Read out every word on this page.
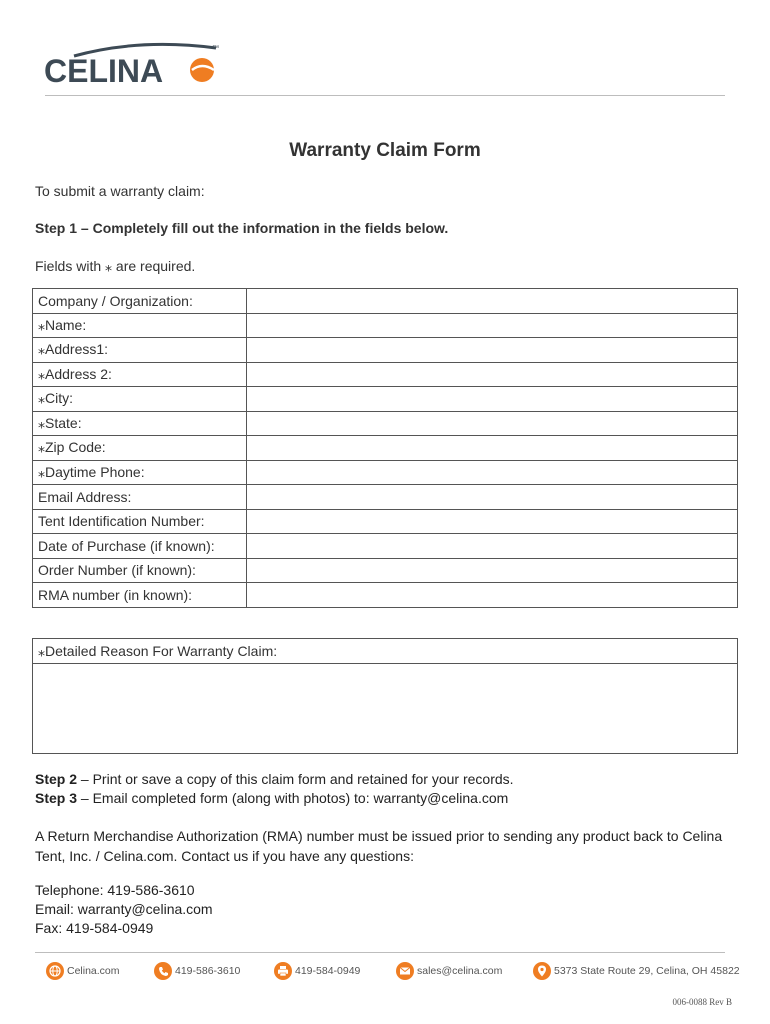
CELINA
™
Warranty Claim Form
To submit a warranty claim:
Step 1 – Completely fill out the information in the fields below.
Fields with ⁎ are required.
Company / Organization:	
⁎Name:	
⁎Address1:	
⁎Address 2:	
⁎City:	
⁎State:	
⁎Zip Code:	
⁎Daytime Phone:	
Email Address:	
Tent Identification Number:	
Date of Purchase (if known):	
Order Number (if known):	
RMA number (in known):	
⁎Detailed Reason For Warranty Claim:
Step 2 – Print or save a copy of this claim form and retained for your records.
Step 3 – Email completed form (along with photos) to: warranty@celina.com
A Return Merchandise Authorization (RMA) number must be issued prior to sending any product back to Celina Tent, Inc. / Celina.com. Contact us if you have any questions:
Telephone: 419-586-3610
Email: warranty@celina.com
Fax: 419-584-0949
Celina.com	419-586-3610	419-584-0949	sales@celina.com	5373 State Route 29, Celina, OH 45822
006-0088 Rev B
